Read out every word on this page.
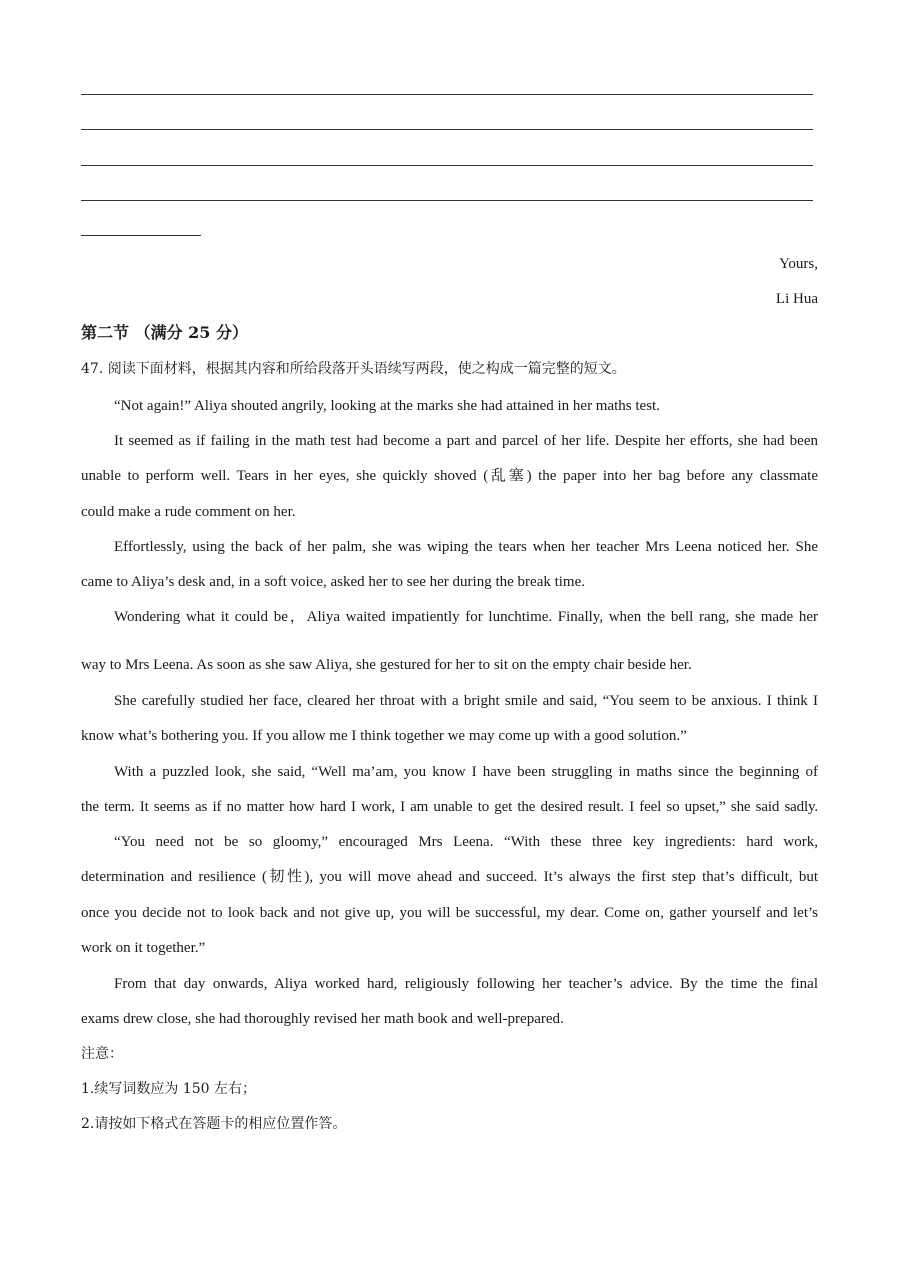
Yours,
Li Hua
第二节 （满分 25 分）
47. 阅读下面材料，根据其内容和所给段落开头语续写两段，使之构成一篇完整的短文。
“Not again!” Aliya shouted angrily, looking at the marks she had attained in her maths test.
It seemed as if failing in the math test had become a part and parcel of her life. Despite her efforts, she had been
unable to perform well. Tears in her eyes, she quickly shoved (乱塞) the paper into her bag before any classmate
could make a rude comment on her.
Effortlessly, using the back of her palm, she was wiping the tears when her teacher Mrs Leena noticed her. She
came to Aliya’s desk and, in a soft voice, asked her to see her during the break time.
Wondering what it could be，Aliya waited impatiently for lunchtime. Finally, when the bell rang, she made her
way to Mrs Leena. As soon as she saw Aliya, she gestured for her to sit on the empty chair beside her.
She carefully studied her face, cleared her throat with a bright smile and said, “You seem to be anxious. I think I
know what’s bothering you. If you allow me I think together we may come up with a good solution.”
With a puzzled look, she said, “Well ma’am, you know I have been struggling in maths since the beginning of
the term. It seems as if no matter how hard I work, I am unable to get the desired result. I feel so upset,” she said sadly.
“You need not be so gloomy,” encouraged Mrs Leena. “With these three key ingredients: hard work,
determination and resilience (韧性), you will move ahead and succeed. It’s always the first step that’s difficult, but
once you decide not to look back and not give up, you will be successful, my dear. Come on, gather yourself and let’s
work on it together.”
From that day onwards, Aliya worked hard, religiously following her teacher’s advice. By the time the final
exams drew close, she had thoroughly revised her math book and well-prepared.
注意：
1.续写词数应为 150 左右；
2.请按如下格式在答题卡的相应位置作答。
